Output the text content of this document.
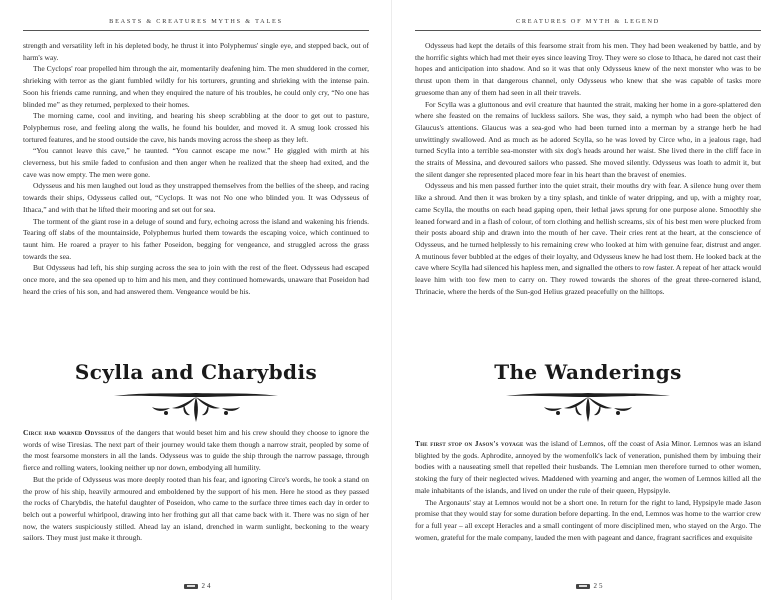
BEASTS & CREATURES MYTHS & TALES

strength and versatility left in his depleted body, he thrust it into Polyphemus' single eye, and stepped back, out of harm's way.

The Cyclops' roar propelled him through the air, momentarily deafening him. The men shuddered in the corner, shrieking with terror as the giant fumbled wildly for his torturers, grunting and shrieking with the intense pain. Soon his friends came running, and when they enquired the nature of his troubles, he could only cry, “No one has blinded me” as they returned, perplexed to their homes.

The morning came, cool and inviting, and hearing his sheep scrabbling at the door to get out to pasture, Polyphemus rose, and feeling along the walls, he found his boulder, and moved it. A smug look crossed his tortured features, and he stood outside the cave, his hands moving across the sheep as they left.

“You cannot leave this cave,” he taunted. “You cannot escape me now.” He giggled with mirth at his cleverness, but his smile faded to confusion and then anger when he realized that the sheep had exited, and the cave was now empty. The men were gone.

Odysseus and his men laughed out loud as they unstrapped themselves from the bellies of the sheep, and racing towards their ships, Odysseus called out, “Cyclops. It was not No one who blinded you. It was Odysseus of Ithaca,” and with that he lifted their mooring and set out for sea.

The torment of the giant rose in a deluge of sound and fury, echoing across the island and wakening his friends. Tearing off slabs of the mountainside, Polyphemus hurled them towards the escaping voice, which continued to taunt him. He roared a prayer to his father Poseidon, begging for vengeance, and struggled across the grass towards the sea.

But Odysseus had left, his ship surging across the sea to join with the rest of the fleet. Odysseus had escaped once more, and the sea opened up to him and his men, and they continued homewards, unaware that Poseidon had heard the cries of his son, and had answered them. Vengeance would be his.

Scylla and Charybdis

Circe had warned Odysseus of the dangers that would beset him and his crew should they choose to ignore the words of wise Tiresias. The next part of their journey would take them though a narrow strait, peopled by some of the most fearsome monsters in all the lands. Odysseus was to guide the ship through the narrow passage, through fierce and rolling waters, looking neither up nor down, embodying all humility.

But the pride of Odysseus was more deeply rooted than his fear, and ignoring Circe's words, he took a stand on the prow of his ship, heavily armoured and emboldened by the support of his men. Here he stood as they passed the rocks of Charybdis, the hateful daughter of Poseidon, who came to the surface three times each day in order to belch out a powerful whirlpool, drawing into her frothing gut all that came back with it. There was no sign of her now, the waters suspiciously stilled. Ahead lay an island, drenched in warm sunlight, beckoning to the weary sailors. They must just make it through.

24
CREATURES OF MYTH & LEGEND

Odysseus had kept the details of this fearsome strait from his men. They had been weakened by battle, and by the horrific sights which had met their eyes since leaving Troy. They were so close to Ithaca, he dared not cast their hopes and anticipation into shadow. And so it was that only Odysseus knew of the next monster who was to be thrust upon them in that dangerous channel, only Odysseus who knew that she was capable of tasks more gruesome than any of them had seen in all their travels.

For Scylla was a gluttonous and evil creature that haunted the strait, making her home in a gore-splattered den where she feasted on the remains of luckless sailors. She was, they said, a nymph who had been the object of Glaucus's attentions. Glaucus was a sea-god who had been turned into a merman by a strange herb he had unwittingly swallowed. And as much as he adored Scylla, so he was loved by Circe who, in a jealous rage, had turned Scylla into a terrible sea-monster with six dog's heads around her waist. She lived there in the cliff face in the straits of Messina, and devoured sailors who passed. She moved silently. Odysseus was loath to admit it, but the silent danger she represented placed more fear in his heart than the bravest of enemies.

Odysseus and his men passed further into the quiet strait, their mouths dry with fear. A silence hung over them like a shroud. And then it was broken by a tiny splash, and tinkle of water dripping, and up, with a mighty roar, came Scylla, the mouths on each head gaping open, their lethal jaws sprung for one purpose alone. Smoothly she leaned forward and in a flash of colour, of torn clothing and hellish screams, six of his best men were plucked from their posts aboard ship and drawn into the mouth of her cave. Their cries rent at the heart, at the conscience of Odysseus, and he turned helplessly to his remaining crew who looked at him with genuine fear, distrust and anger. A mutinous fever bubbled at the edges of their loyalty, and Odysseus knew he had lost them. He looked back at the cave where Scylla had silenced his hapless men, and signalled the others to row faster. A repeat of her attack would leave him with too few men to carry on. They rowed towards the shores of the great three-cornered island, Thrinacie, where the herds of the Sun-god Helius grazed peacefully on the hilltops.

The Wanderings

The first stop on Jason's voyage was the island of Lemnos, off the coast of Asia Minor. Lemnos was an island blighted by the gods. Aphrodite, annoyed by the womenfolk's lack of veneration, punished them by imbuing their bodies with a nauseating smell that repelled their husbands. The Lemnian men therefore turned to other women, stoking the fury of their neglected wives. Maddened with yearning and anger, the women of Lemnos killed all the male inhabitants of the islands, and lived on under the rule of their queen, Hypsipyle.

The Argonauts' stay at Lemnos would not be a short one. In return for the right to land, Hypsipyle made Jason promise that they would stay for some duration before departing. In the end, Lemnos was home to the warrior crew for a full year – all except Heracles and a small contingent of more disciplined men, who stayed on the Argo. The women, grateful for the male company, lauded the men with pageant and dance, fragrant sacrifices and exquisite

25
